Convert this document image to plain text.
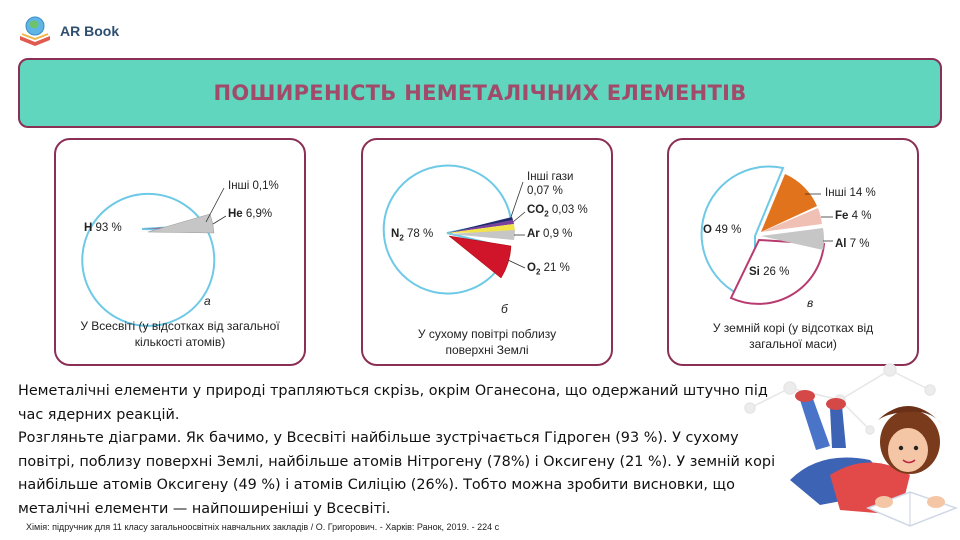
AR Book
ПОШИРЕНІСТЬ НЕМЕТАЛІЧНИХ ЕЛЕМЕНТІВ
H 93 %
Інші 0,1%
He 6,9%
а
У Всесвіті (у відсотках від загальної кількості атомів)
$N_2$ 78 %
Інші гази
0,07 %
$CO_2$ 0,03 %
Ar 0,9 %
$O_2$ 21 %
б
У сухому повітрі поблизу поверхні Землі
O 49 %
Інші 14 %
Fe 4 %
Al 7 %
Si 26 %
в
У земній корі (у відсотках від загальної маси)

Неметалічні елементи у природі трапляються скрізь, окрім Оганесона, що одержаний штучно під час ядерних реакцій.

Розгляньте діаграми. Як бачимо, у Всесвіті найбільше зустрічається Гідроген (93 %). У сухому повітрі, поблизу поверхні Землі, найбільше атомів Нітрогену (78%) і Оксигену (21 %). У земній корі найбільше атомів Оксигену (49 %) і атомів Силіцію (26%). Тобто можна зробити висновки, що металічні елементи — найпоширеніші у Всесвіті.

Хімія: підручник для 11 класу загальноосвітніх навчальних закладів / О. Григорович. - Харків: Ранок, 2019. - 224 с
